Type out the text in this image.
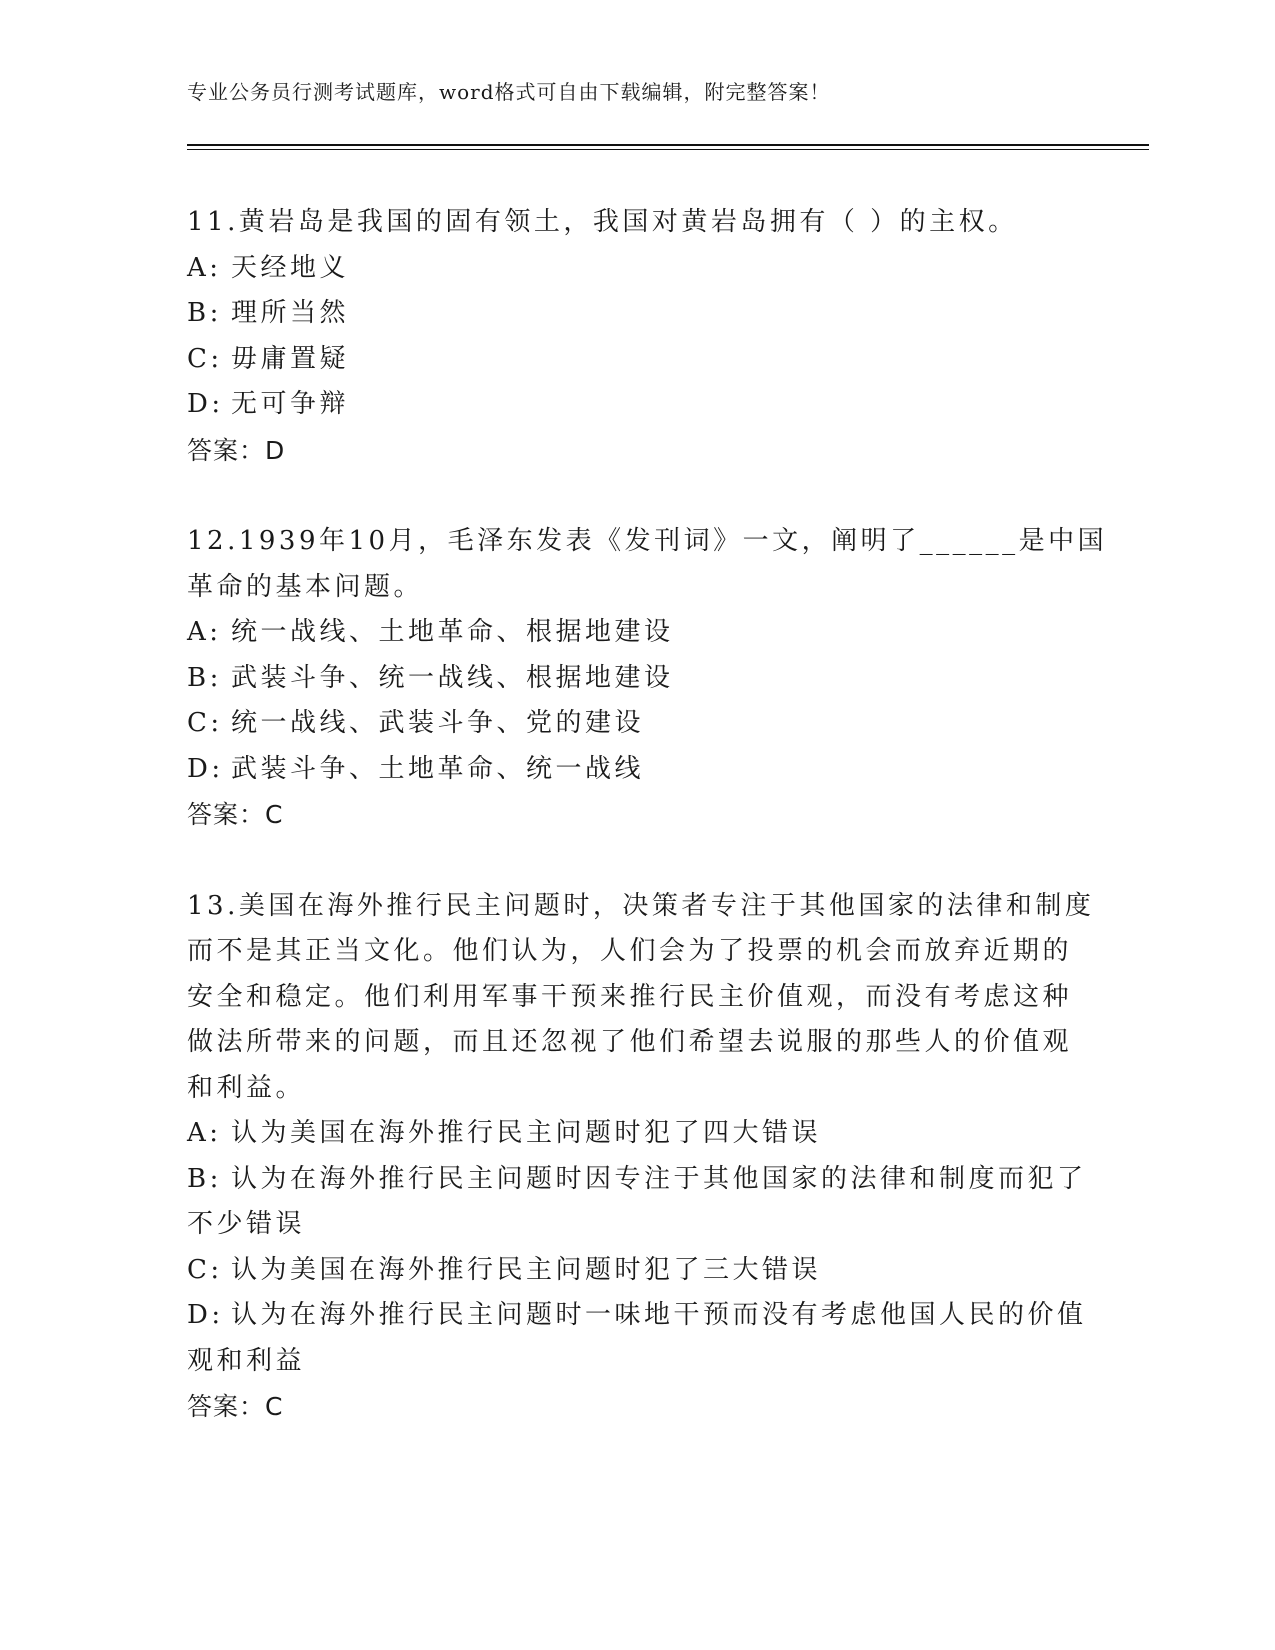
专业公务员行测考试题库，word格式可自由下载编辑，附完整答案！
11.黄岩岛是我国的固有领土，我国对黄岩岛拥有（ ）的主权。
A: 天经地义
B: 理所当然
C: 毋庸置疑
D: 无可争辩
答案：D
12.1939年10月，毛泽东发表《发刊词》一文，阐明了______是中国
革命的基本问题。
A: 统一战线、土地革命、根据地建设
B: 武装斗争、统一战线、根据地建设
C: 统一战线、武装斗争、党的建设
D: 武装斗争、土地革命、统一战线
答案：C
13.美国在海外推行民主问题时，决策者专注于其他国家的法律和制度
而不是其正当文化。他们认为，人们会为了投票的机会而放弃近期的
安全和稳定。他们利用军事干预来推行民主价值观，而没有考虑这种
做法所带来的问题，而且还忽视了他们希望去说服的那些人的价值观
和利益。
A: 认为美国在海外推行民主问题时犯了四大错误
B: 认为在海外推行民主问题时因专注于其他国家的法律和制度而犯了
不少错误
C: 认为美国在海外推行民主问题时犯了三大错误
D: 认为在海外推行民主问题时一味地干预而没有考虑他国人民的价值
观和利益
答案：C
